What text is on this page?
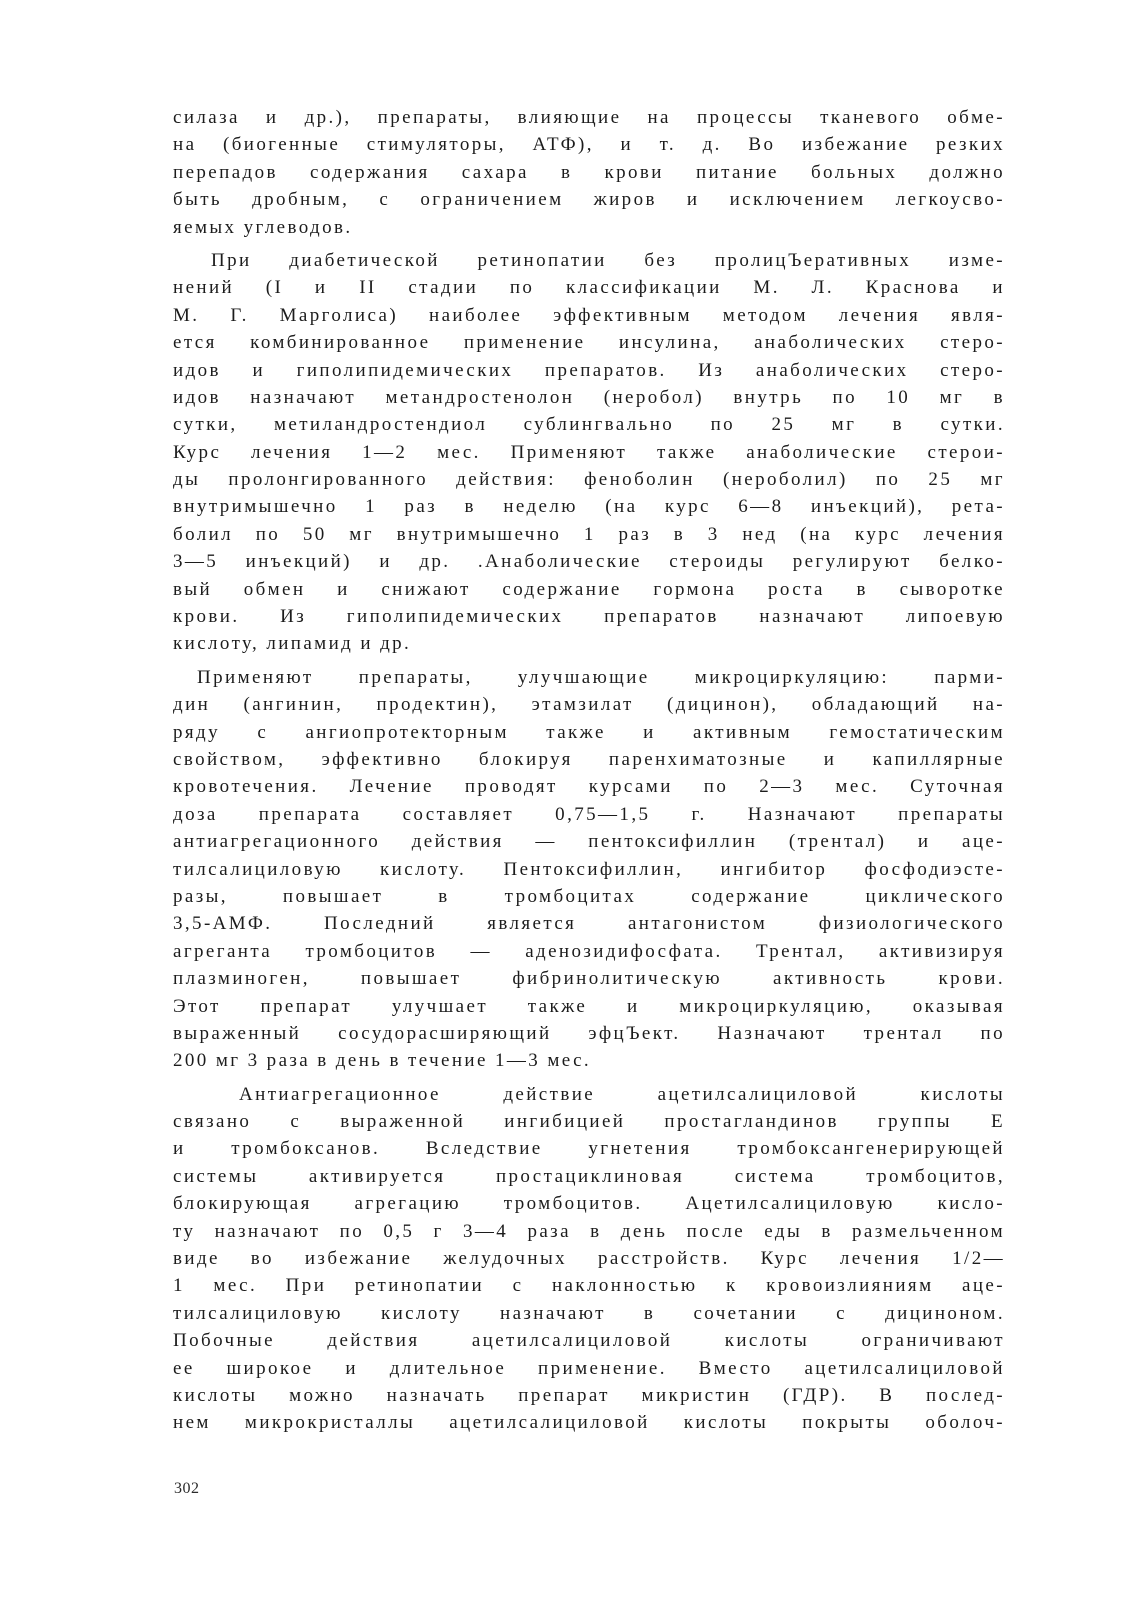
силаза и др.), препараты, влияющие на процессы тканевого обме-
на (биогенные стимуляторы, АТФ), и т. д. Во избежание резких
перепадов содержания сахара в крови питание больных должно
быть дробным, с ограничением жиров и исключением легкоусво-
яемых углеводов.
При диабетической ретинопатии без пролицЪеративных изме-
нений (I и II стадии по классификации М. Л. Краснова и
М. Г. Марголиса) наиболее эффективным методом лечения явля-
ется комбинированное применение инсулина, анаболических стеро-
идов и гиполипидемических препаратов. Из анаболических стеро-
идов назначают метандростенолон (неробол) внутрь по 10 мг в
сутки, метиландростендиол сублингвально по 25 мг в сутки.
Курс лечения 1—2 мес. Применяют также анаболические стерои-
ды пролонгированного действия: феноболин (нероболил) по 25 мг
внутримышечно 1 раз в неделю (на курс 6—8 инъекций), рета-
болил по 50 мг внутримышечно 1 раз в 3 нед (на курс лечения
3—5 инъекций) и др. .Анаболические стероиды регулируют белко-
вый обмен и снижают содержание гормона роста в сыворотке
крови. Из гиполипидемических препаратов назначают липоевую
кислоту, липамид и др.
Применяют препараты, улучшающие микроциркуляцию: парми-
дин (ангинин, продектин), этамзилат (дицинон), обладающий на-
ряду с ангиопротекторным также и активным гемостатическим
свойством, эффективно блокируя паренхиматозные и капиллярные
кровотечения. Лечение проводят курсами по 2—3 мес. Суточная
доза препарата составляет 0,75—1,5 г. Назначают препараты
антиагрегационного действия — пентоксифиллин (трентал) и аце-
тилсалициловую кислоту. Пентоксифиллин, ингибитор фосфодиэсте-
разы, повышает в тромбоцитах содержание циклического
3,5-АМФ. Последний является антагонистом физиологического
агреганта тромбоцитов — аденозидифосфата. Трентал, активизируя
плазминоген, повышает фибринолитическую активность крови.
Этот препарат улучшает также и микроциркуляцию, оказывая
выраженный сосудорасширяющий эфцЪект. Назначают трентал по
200 мг 3 раза в день в течение 1—3 мес.
Антиагрегационное действие ацетилсалициловой кислоты
связано с выраженной ингибицией простагландинов группы Е
и тромбоксанов. Вследствие угнетения тромбоксангенерирующей
системы активируется простациклиновая система тромбоцитов,
блокирующая агрегацию тромбоцитов. Ацетилсалициловую кисло-
ту назначают по 0,5 г 3—4 раза в день после еды в размельченном
виде во избежание желудочных расстройств. Курс лечения 1/2—
1 мес. При ретинопатии с наклонностью к кровоизлияниям аце-
тилсалициловую кислоту назначают в сочетании с дициноном.
Побочные действия ацетилсалициловой кислоты ограничивают
ее широкое и длительное применение. Вместо ацетилсалициловой
кислоты можно назначать препарат микристин (ГДР). В послед-
нем микрокристаллы ацетилсалициловой кислоты покрыты оболоч-
302
